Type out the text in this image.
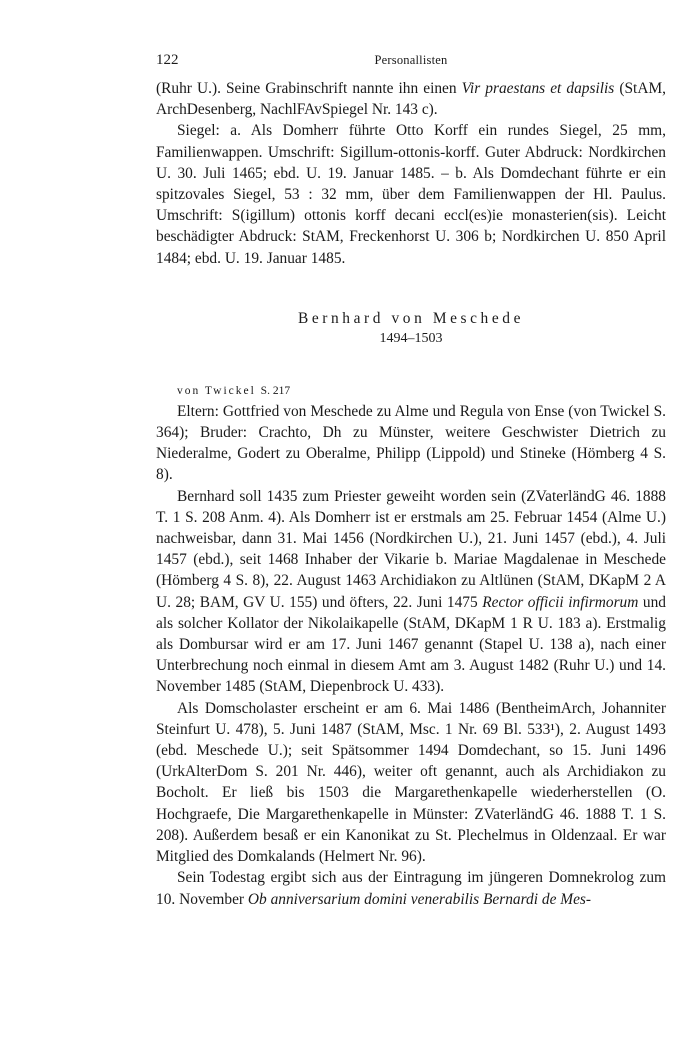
122	Personallisten

(Ruhr U.). Seine Grabinschrift nannte ihn einen Vir praestans et dapsilis (StAM, ArchDesenberg, NachlFAvSpiegel Nr. 143 c).

Siegel: a. Als Domherr führte Otto Korff ein rundes Siegel, 25 mm, Familienwappen. Umschrift: Sigillum-ottonis-korff. Guter Abdruck: Nordkirchen U. 30. Juli 1465; ebd. U. 19. Januar 1485. – b. Als Domdechant führte er ein spitzovales Siegel, 53 : 32 mm, über dem Familienwappen der Hl. Paulus. Umschrift: S(igillum) ottonis korff decani eccl(es)ie monasterien(sis). Leicht beschädigter Abdruck: StAM, Freckenhorst U. 306 b; Nordkirchen U. 850 April 1484; ebd. U. 19. Januar 1485.

Bernhard von Meschede
1494–1503
von Twickel S. 217

Eltern: Gottfried von Meschede zu Alme und Regula von Ense (von Twickel S. 364); Bruder: Crachto, Dh zu Münster, weitere Geschwister Dietrich zu Niederalme, Godert zu Oberalme, Philipp (Lippold) und Stineke (Hömberg 4 S. 8).

Bernhard soll 1435 zum Priester geweiht worden sein (ZVaterländG 46. 1888 T. 1 S. 208 Anm. 4). Als Domherr ist er erstmals am 25. Februar 1454 (Alme U.) nachweisbar, dann 31. Mai 1456 (Nordkirchen U.), 21. Juni 1457 (ebd.), 4. Juli 1457 (ebd.), seit 1468 Inhaber der Vikarie b. Mariae Magdalenae in Meschede (Hömberg 4 S. 8), 22. August 1463 Archidiakon zu Altlünen (StAM, DKapM 2 A U. 28; BAM, GV U. 155) und öfters, 22. Juni 1475 Rector officii infirmorum und als solcher Kollator der Nikolaikapelle (StAM, DKapM 1 R U. 183 a). Erstmalig als Dombursar wird er am 17. Juni 1467 genannt (Stapel U. 138 a), nach einer Unterbrechung noch einmal in diesem Amt am 3. August 1482 (Ruhr U.) und 14. November 1485 (StAM, Diepenbrock U. 433).

Als Domscholaster erscheint er am 6. Mai 1486 (BentheimArch, Johanniter Steinfurt U. 478), 5. Juni 1487 (StAM, Msc. 1 Nr. 69 Bl. 533¹), 2. August 1493 (ebd. Meschede U.); seit Spätsommer 1494 Domdechant, so 15. Juni 1496 (UrkAlterDom S. 201 Nr. 446), weiter oft genannt, auch als Archidiakon zu Bocholt. Er ließ bis 1503 die Margarethenkapelle wiederherstellen (O. Hochgraefe, Die Margarethenkapelle in Münster: ZVaterländG 46. 1888 T. 1 S. 208). Außerdem besaß er ein Kanonikat zu St. Plechelmus in Oldenzaal. Er war Mitglied des Domkalands (Helmert Nr. 96).

Sein Todestag ergibt sich aus der Eintragung im jüngeren Domnekrolog zum 10. November Ob anniversarium domini venerabilis Bernardi de Mes-
